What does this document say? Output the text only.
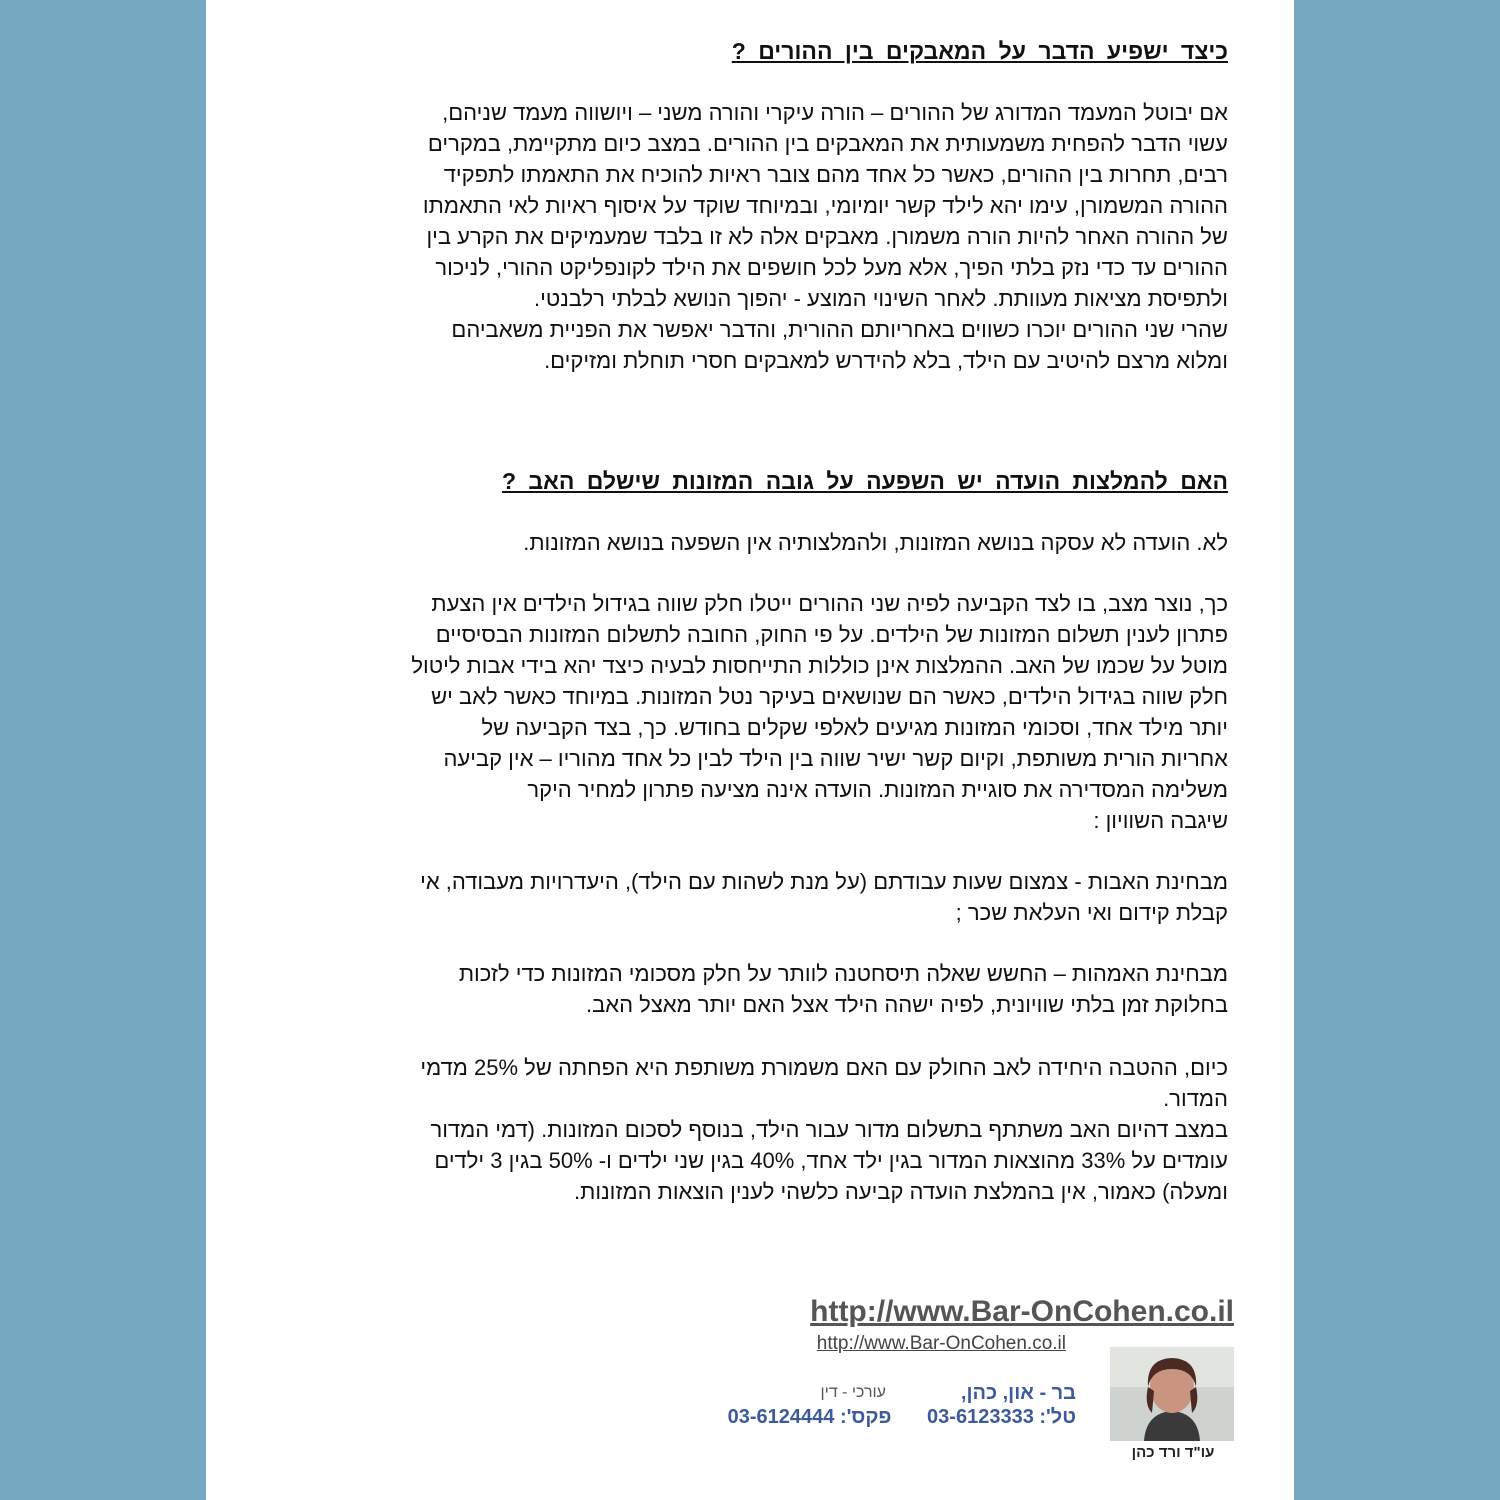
כיצד ישפיע הדבר על המאבקים בין ההורים ?

אם יבוטל המעמד המדורג של ההורים – הורה עיקרי והורה משני – ויושווה מעמד שניהם,

עשוי הדבר להפחית משמעותית את המאבקים בין ההורים. במצב כיום מתקיימת, במקרים

רבים, תחרות בין ההורים, כאשר כל אחד מהם צובר ראיות להוכיח את התאמתו לתפקיד

ההורה המשמורן, עימו יהא לילד קשר יומיומי, ובמיוחד שוקד על איסוף ראיות לאי התאמתו

של ההורה האחר להיות הורה משמורן. מאבקים אלה לא זו בלבד שמעמיקים את הקרע בין

ההורים עד כדי נזק בלתי הפיך, אלא מעל לכל חושפים את הילד לקונפליקט ההורי, לניכור

ולתפיסת מציאות מעוותת. לאחר השינוי המוצע - יהפוך הנושא לבלתי רלבנטי.

שהרי שני ההורים יוכרו כשווים באחריותם ההורית, והדבר יאפשר את הפניית משאביהם

ומלוא מרצם להיטיב עם הילד, בלא להידרש למאבקים חסרי תוחלת ומזיקים.

האם להמלצות הועדה יש השפעה על גובה המזונות שישלם האב ?

לא. הועדה לא עסקה בנושא המזונות, ולהמלצותיה אין השפעה בנושא המזונות.

כך, נוצר מצב, בו לצד הקביעה לפיה שני ההורים ייטלו חלק שווה בגידול הילדים אין הצעת

פתרון לענין תשלום המזונות של הילדים. על פי החוק, החובה לתשלום המזונות הבסיסיים

מוטל על שכמו של האב. ההמלצות אינן כוללות התייחסות לבעיה כיצד יהא בידי אבות ליטול

חלק שווה בגידול הילדים, כאשר הם שנושאים בעיקר נטל המזונות. במיוחד כאשר לאב יש

יותר מילד אחד, וסכומי המזונות מגיעים לאלפי שקלים בחודש. כך, בצד הקביעה של

אחריות הורית משותפת, וקיום קשר ישיר שווה בין הילד לבין כל אחד מהוריו – אין קביעה

משלימה המסדירה את סוגיית המזונות. הועדה אינה מציעה פתרון למחיר היקר

שיגבה השוויון :

מבחינת האבות - צמצום שעות עבודתם (על מנת לשהות עם הילד), היעדרויות מעבודה, אי

קבלת קידום ואי העלאת שכר ;

מבחינת האמהות – החשש שאלה תיסחטנה לוותר על חלק מסכומי המזונות כדי לזכות

בחלוקת זמן בלתי שוויונית, לפיה ישהה הילד אצל האם יותר מאצל האב.

כיום, ההטבה היחידה לאב החולק עם האם משמורת משותפת היא הפחתה של 25% מדמי

המדור.

במצב דהיום האב משתתף בתשלום מדור עבור הילד, בנוסף לסכום המזונות. (דמי המדור

עומדים על 33% מהוצאות המדור בגין ילד אחד, 40% בגין שני ילדים ו- 50% בגין 3 ילדים

ומעלה) כאמור, אין בהמלצת הועדה קביעה כלשהי לענין הוצאות המזונות.

http://www.Bar-OnCohen.co.il
http://www.Bar-OnCohen.co.il
עו"ד ורד כהן
בר - און, כהן,
עורכי - דין
טל': 03-6123333 פקס': 03-6124444
